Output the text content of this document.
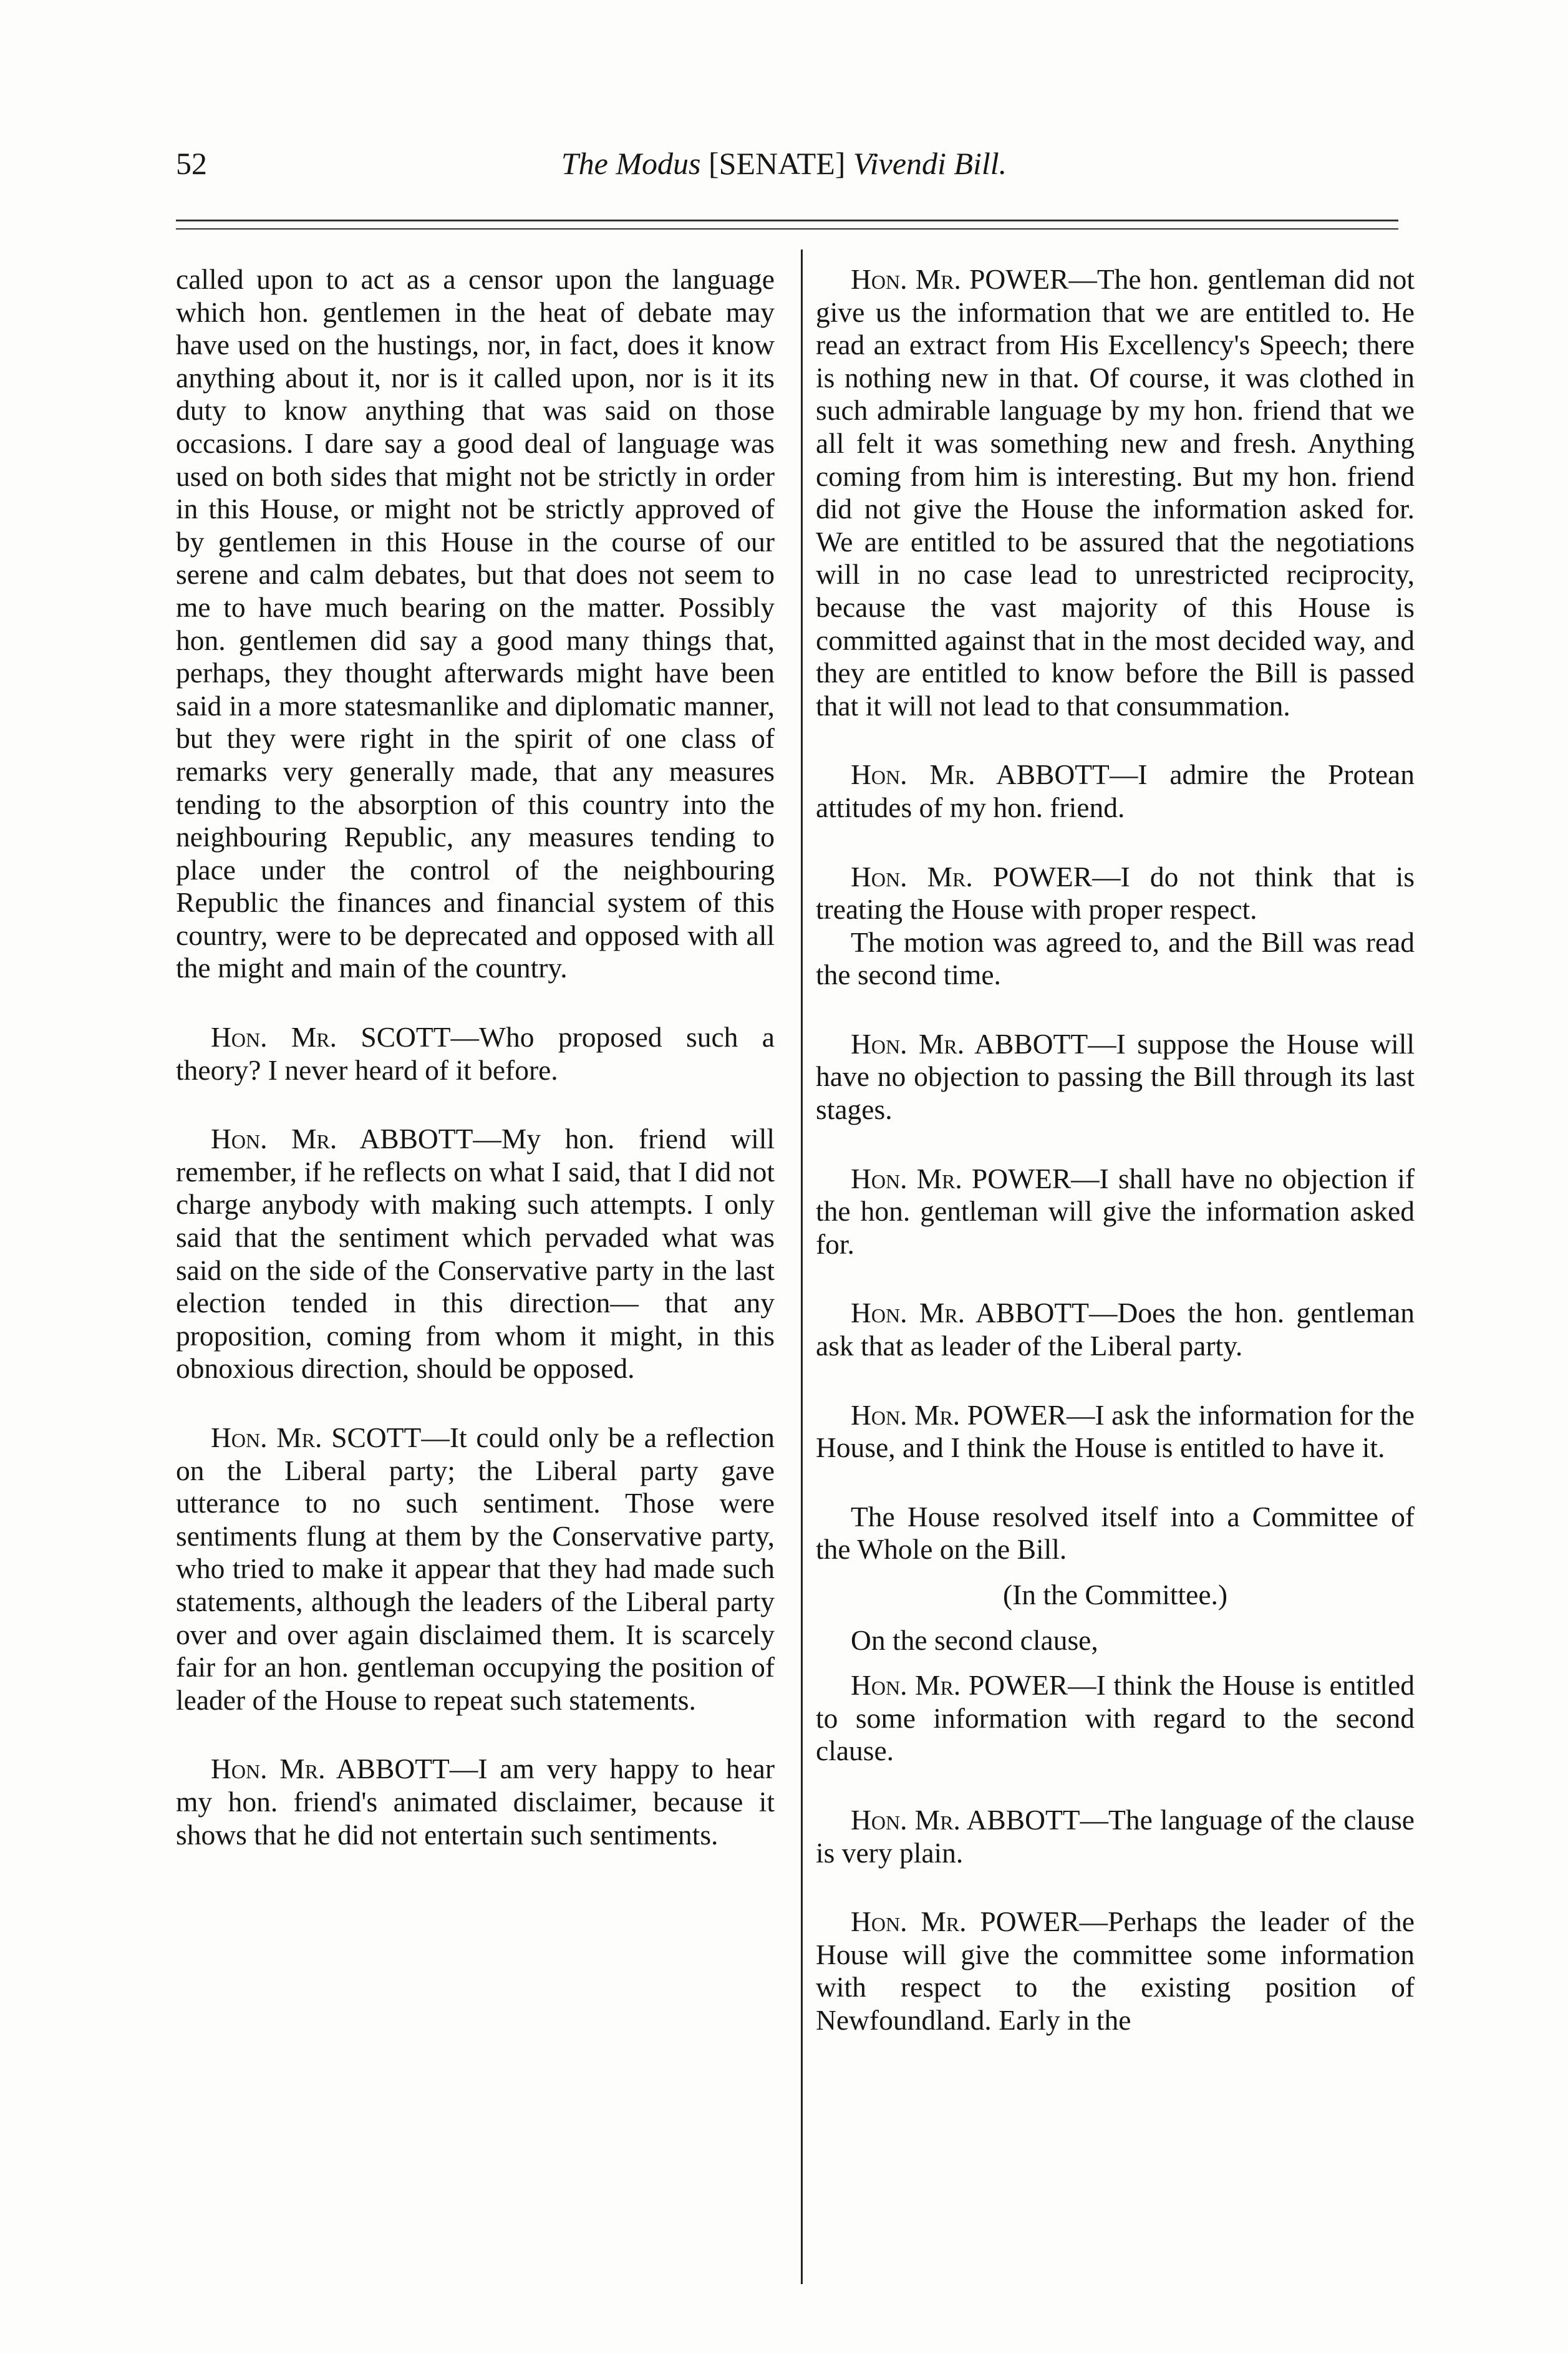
52	The Modus [SENATE] Vivendi Bill.

called upon to act as a censor upon the language which hon. gentlemen in the heat of debate may have used on the hustings, nor, in fact, does it know anything about it, nor is it called upon, nor is it its duty to know anything that was said on those occasions. I dare say a good deal of language was used on both sides that might not be strictly in order in this House, or might not be strictly approved of by gentlemen in this House in the course of our serene and calm debates, but that does not seem to me to have much bearing on the matter. Possibly hon. gentlemen did say a good many things that, perhaps, they thought afterwards might have been said in a more statesmanlike and diplomatic manner, but they were right in the spirit of one class of remarks very generally made, that any measures tending to the absorption of this country into the neighbouring Republic, any measures tending to place under the control of the neighbouring Republic the finances and financial system of this country, were to be deprecated and opposed with all the might and main of the country.

Hon. Mr. SCOTT—Who proposed such a theory? I never heard of it before.

Hon. Mr. ABBOTT—My hon. friend will remember, if he reflects on what I said, that I did not charge anybody with making such attempts. I only said that the sentiment which pervaded what was said on the side of the Conservative party in the last election tended in this direction— that any proposition, coming from whom it might, in this obnoxious direction, should be opposed.

Hon. Mr. SCOTT—It could only be a reflection on the Liberal party; the Liberal party gave utterance to no such sentiment. Those were sentiments flung at them by the Conservative party, who tried to make it appear that they had made such statements, although the leaders of the Liberal party over and over again disclaimed them. It is scarcely fair for an hon. gentleman occupying the position of leader of the House to repeat such statements.

Hon. Mr. ABBOTT—I am very happy to hear my hon. friend's animated disclaimer, because it shows that he did not entertain such sentiments.

Hon. Mr. POWER—The hon. gentleman did not give us the information that we are entitled to. He read an extract from His Excellency's Speech; there is nothing new in that. Of course, it was clothed in such admirable language by my hon. friend that we all felt it was something new and fresh. Anything coming from him is interesting. But my hon. friend did not give the House the information asked for. We are entitled to be assured that the negotiations will in no case lead to unrestricted reciprocity, because the vast majority of this House is committed against that in the most decided way, and they are entitled to know before the Bill is passed that it will not lead to that consummation.

Hon. Mr. ABBOTT—I admire the Protean attitudes of my hon. friend.

Hon. Mr. POWER—I do not think that is treating the House with proper respect.

The motion was agreed to, and the Bill was read the second time.

Hon. Mr. ABBOTT—I suppose the House will have no objection to passing the Bill through its last stages.

Hon. Mr. POWER—I shall have no objection if the hon. gentleman will give the information asked for.

Hon. Mr. ABBOTT—Does the hon. gentleman ask that as leader of the Liberal party.

Hon. Mr. POWER—I ask the information for the House, and I think the House is entitled to have it.

The House resolved itself into a Committee of the Whole on the Bill.

(In the Committee.)

On the second clause,

Hon. Mr. POWER—I think the House is entitled to some information with regard to the second clause.

Hon. Mr. ABBOTT—The language of the clause is very plain.

Hon. Mr. POWER—Perhaps the leader of the House will give the committee some information with respect to the existing position of Newfoundland. Early in the
